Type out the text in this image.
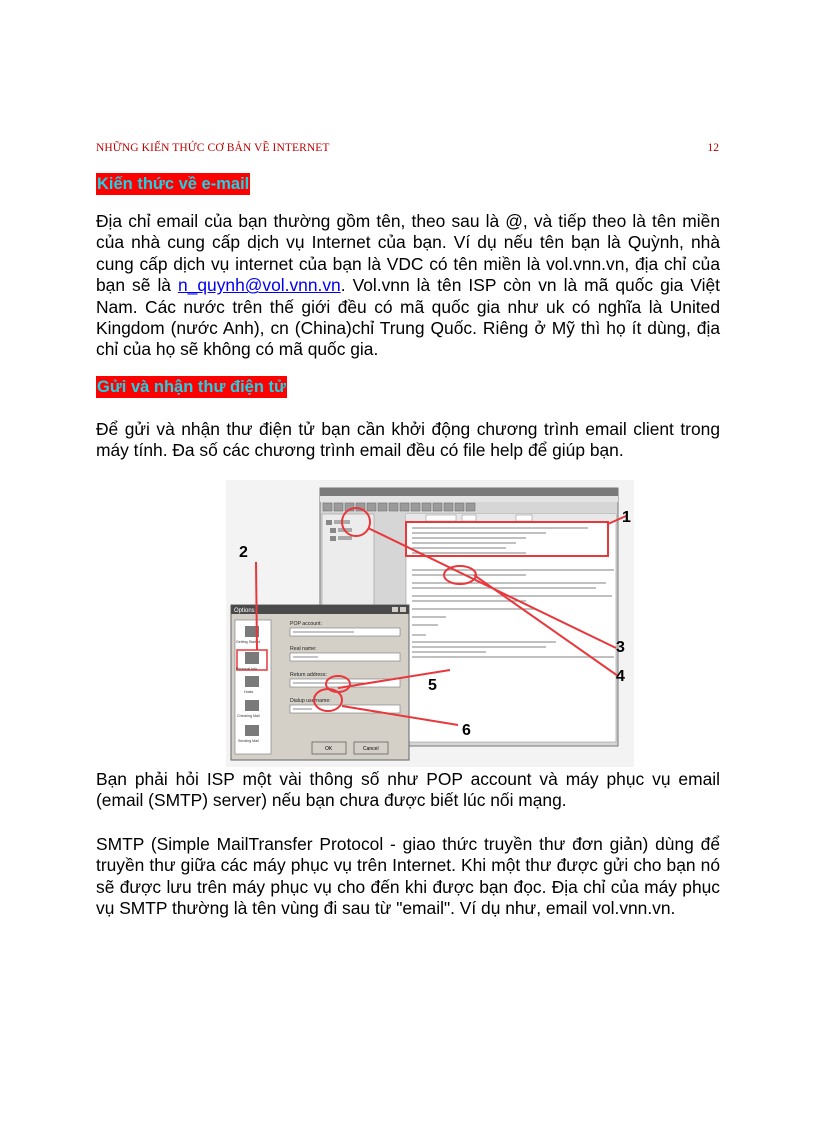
NHỮNG KIẾN THỨC CƠ BẢN VỀ INTERNET	12
Kiến thức về e-mail
Địa chỉ email của bạn thường gồm tên, theo sau là @, và tiếp theo là tên miền của nhà cung cấp dịch vụ Internet của bạn. Ví dụ nếu tên bạn là Quỳnh, nhà cung cấp dịch vụ internet của bạn là VDC có tên miền là vol.vnn.vn, địa chỉ của bạn sẽ là n_quynh@vol.vnn.vn. Vol.vnn là tên ISP còn vn là mã quốc gia Việt Nam. Các nước trên thế giới đều có mã quốc gia như uk có nghĩa là United Kingdom (nước Anh), cn (China)chỉ Trung Quốc. Riêng ở Mỹ thì họ ít dùng, địa chỉ của họ sẽ không có mã quốc gia.
Gửi và nhận thư điện tử
Để gửi và nhận thư điện tử bạn cần khởi động chương trình email client trong máy tính. Đa số các chương trình email đều có file help để giúp bạn.
Options
Getting Started
Personal Info
Hosts
Checking Mail
Sending Mail
POP account:
Real name:
Return address:
Dialup username:
OK	Cancel
1
2
3
4
5
6
Bạn phải hỏi ISP một vài thông số như POP account và máy phục vụ email (email (SMTP) server) nếu bạn chưa được biết lúc nối mạng.
SMTP (Simple MailTransfer Protocol - giao thức truyền thư đơn giản) dùng để truyền thư giữa các máy phục vụ trên Internet. Khi một thư được gửi cho bạn nó sẽ được lưu trên máy phục vụ cho đến khi được bạn đọc. Địa chỉ của máy phục vụ SMTP thường là tên vùng đi sau từ "email". Ví dụ như, email vol.vnn.vn.
